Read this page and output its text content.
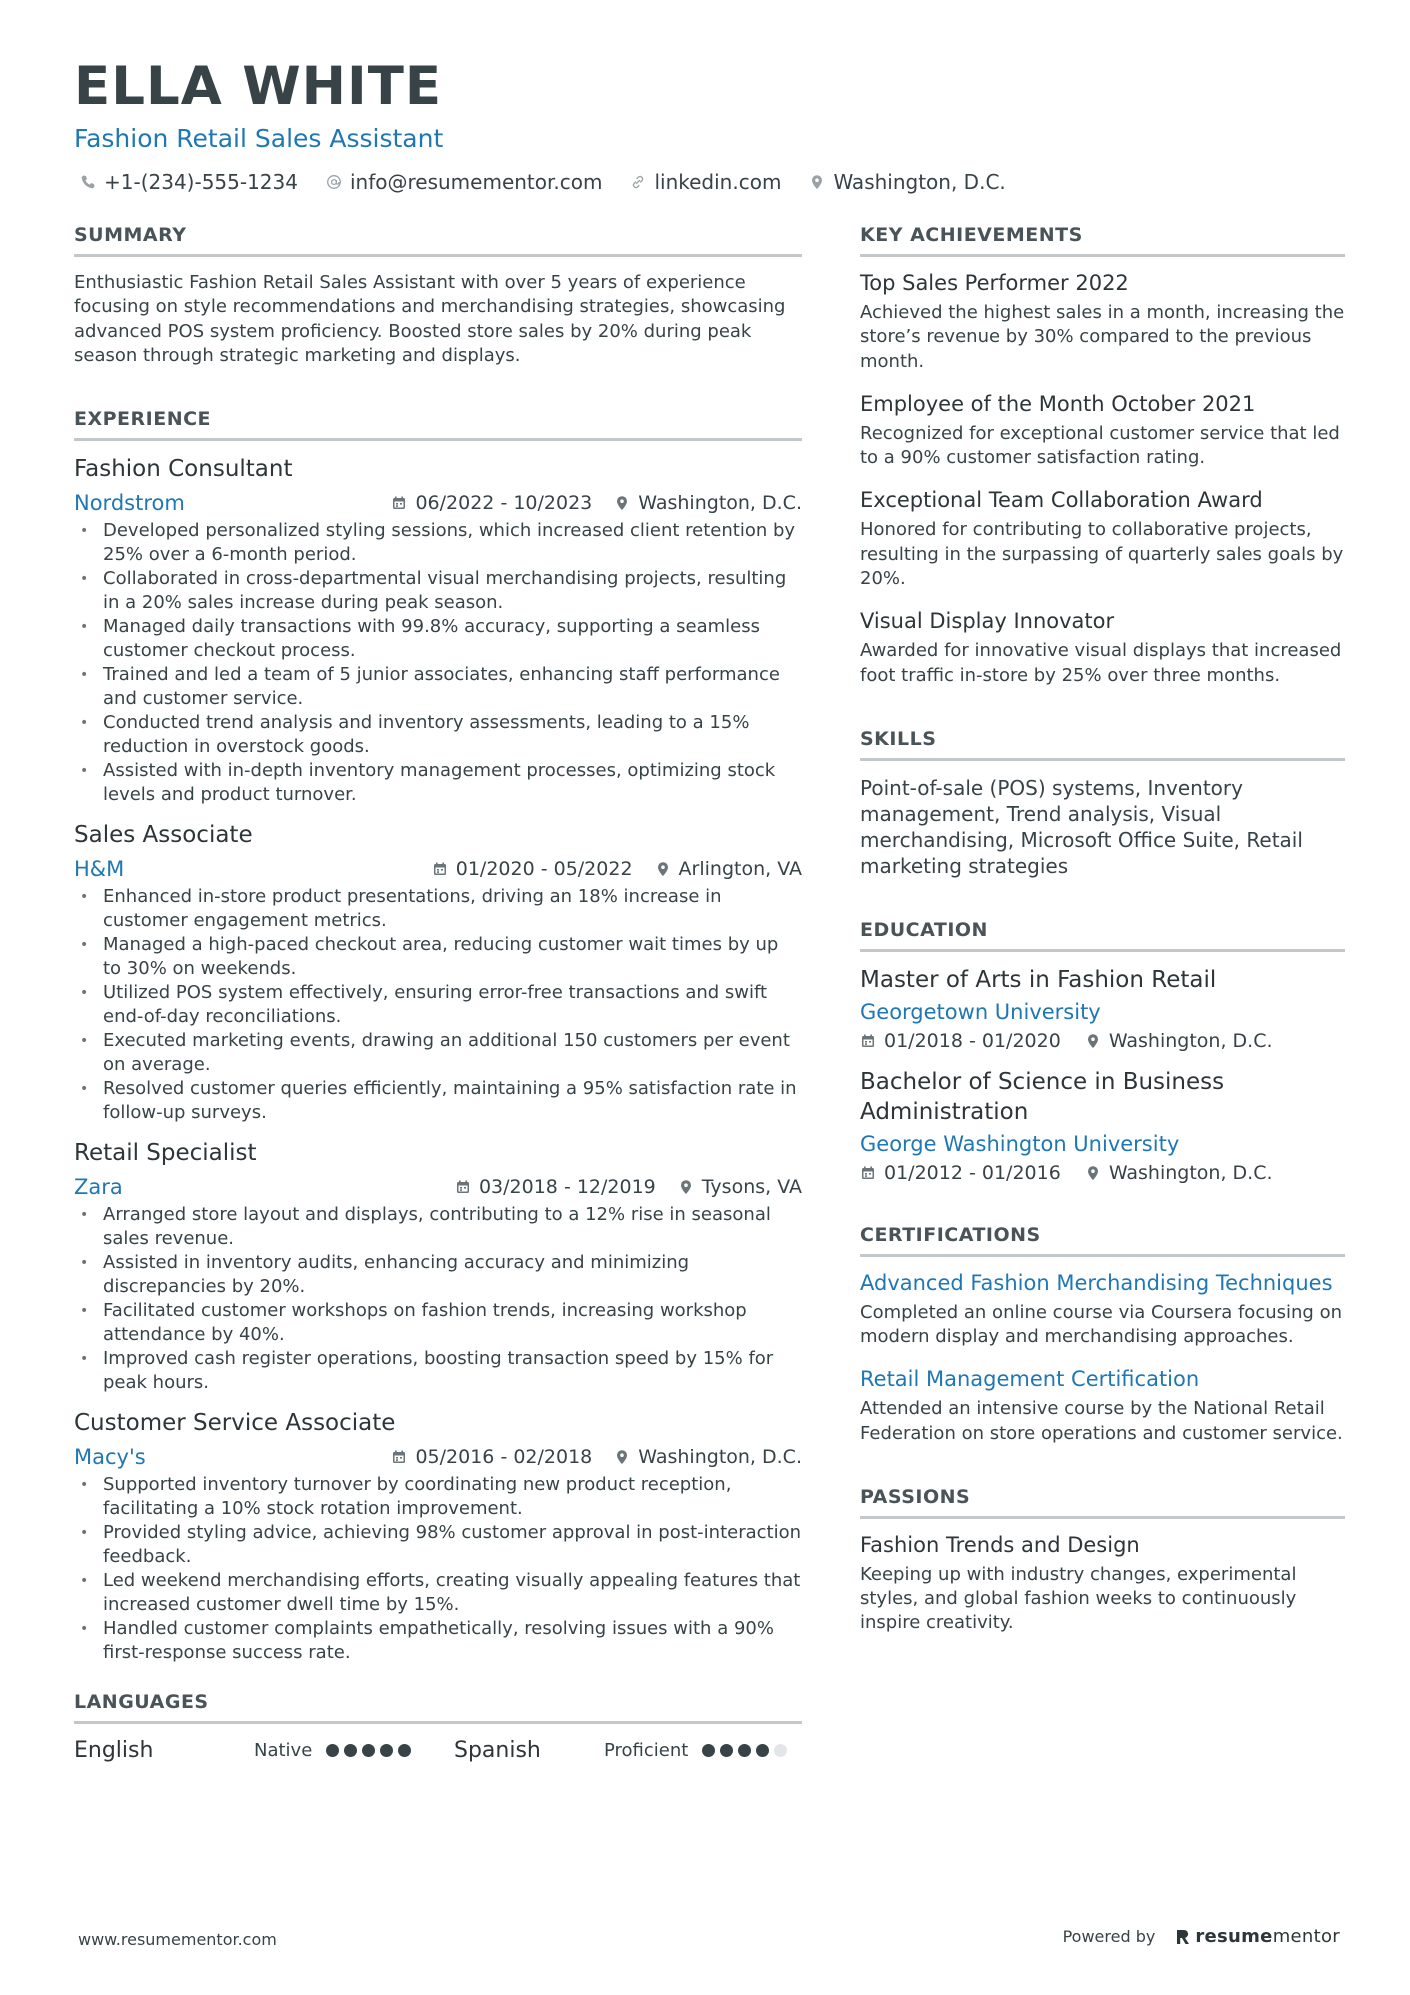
ELLA WHITE
Fashion Retail Sales Assistant
+1-(234)-555-1234	info@resumementor.com	linkedin.com	Washington, D.C.
SUMMARY

Enthusiastic Fashion Retail Sales Assistant with over 5 years of experience focusing on style recommendations and merchandising strategies, showcasing advanced POS system proficiency. Boosted store sales by 20% during peak season through strategic marketing and displays.

EXPERIENCE
Fashion Consultant
Nordstrom	06/2022 - 10/2023 Washington, D.C.
• Developed personalized styling sessions, which increased client retention by 25% over a 6-month period.
• Collaborated in cross-departmental visual merchandising projects, resulting in a 20% sales increase during peak season.
• Managed daily transactions with 99.8% accuracy, supporting a seamless customer checkout process.
• Trained and led a team of 5 junior associates, enhancing staff performance and customer service.
• Conducted trend analysis and inventory assessments, leading to a 15% reduction in overstock goods.
• Assisted with in-depth inventory management processes, optimizing stock levels and product turnover.
Sales Associate
H&M	01/2020 - 05/2022 Arlington, VA
• Enhanced in-store product presentations, driving an 18% increase in customer engagement metrics.
• Managed a high-paced checkout area, reducing customer wait times by up to 30% on weekends.
• Utilized POS system effectively, ensuring error-free transactions and swift end-of-day reconciliations.
• Executed marketing events, drawing an additional 150 customers per event on average.
• Resolved customer queries efficiently, maintaining a 95% satisfaction rate in follow-up surveys.
Retail Specialist
Zara	03/2018 - 12/2019 Tysons, VA
• Arranged store layout and displays, contributing to a 12% rise in seasonal sales revenue.
• Assisted in inventory audits, enhancing accuracy and minimizing discrepancies by 20%.
• Facilitated customer workshops on fashion trends, increasing workshop attendance by 40%.
• Improved cash register operations, boosting transaction speed by 15% for peak hours.
Customer Service Associate
Macy's	05/2016 - 02/2018 Washington, D.C.
• Supported inventory turnover by coordinating new product reception, facilitating a 10% stock rotation improvement.
• Provided styling advice, achieving 98% customer approval in post-interaction feedback.
• Led weekend merchandising efforts, creating visually appealing features that increased customer dwell time by 15%.
• Handled customer complaints empathetically, resolving issues with a 90% first-response success rate.
LANGUAGES
English	Native	Spanish	Proficient
KEY ACHIEVEMENTS
Top Sales Performer 2022

Achieved the highest sales in a month, increasing the store’s revenue by 30% compared to the previous month.

Employee of the Month October 2021

Recognized for exceptional customer service that led to a 90% customer satisfaction rating.

Exceptional Team Collaboration Award

Honored for contributing to collaborative projects, resulting in the surpassing of quarterly sales goals by 20%.

Visual Display Innovator

Awarded for innovative visual displays that increased foot traffic in-store by 25% over three months.

SKILLS

Point-of-sale (POS) systems, Inventory management, Trend analysis, Visual merchandising, Microsoft Office Suite, Retail marketing strategies

EDUCATION
Master of Arts in Fashion Retail
Georgetown University
01/2018 - 01/2020	Washington, D.C.
Bachelor of Science in Business Administration
George Washington University
01/2012 - 01/2016	Washington, D.C.
CERTIFICATIONS
Advanced Fashion Merchandising Techniques

Completed an online course via Coursera focusing on modern display and merchandising approaches.

Retail Management Certification

Attended an intensive course by the National Retail Federation on store operations and customer service.

PASSIONS
Fashion Trends and Design

Keeping up with industry changes, experimental styles, and global fashion weeks to continuously inspire creativity.

www.resumementor.com	Powered by resumementor
